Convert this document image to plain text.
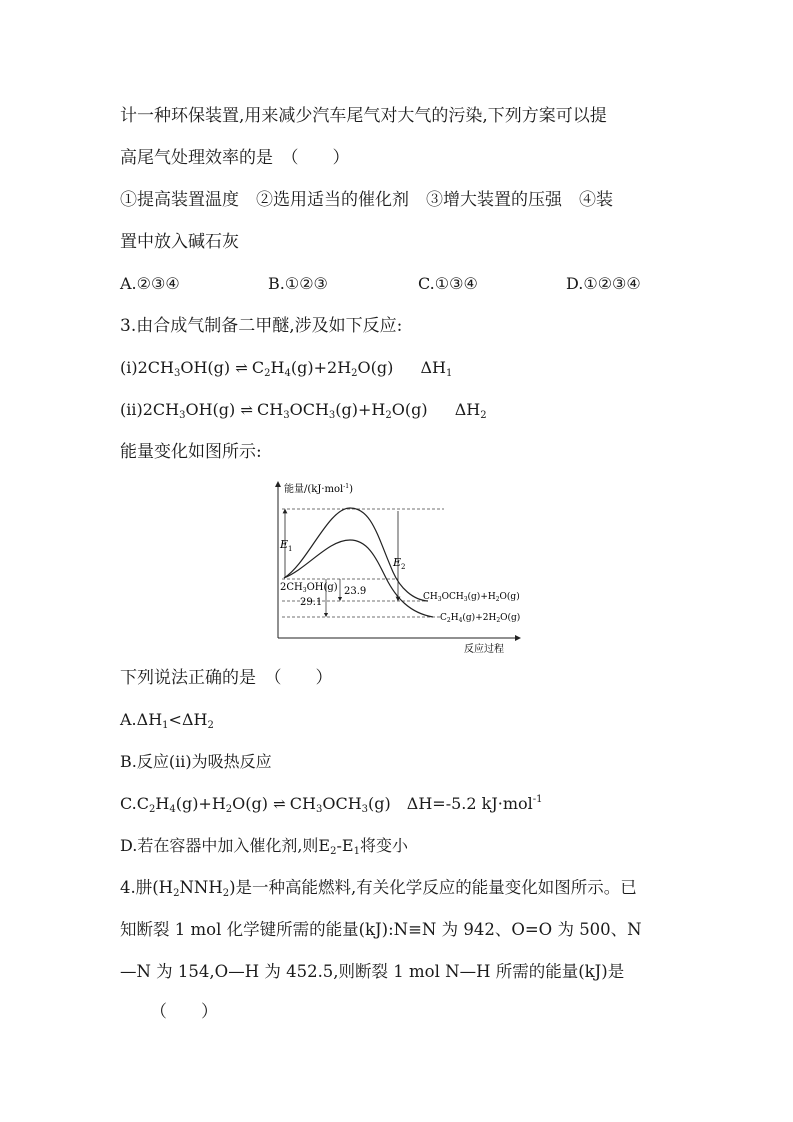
计一种环保装置,用来减少汽车尾气对大气的污染,下列方案可以提
高尾气处理效率的是　（　　）
①提高装置温度　②选用适当的催化剂　③增大装置的压强　④装
置中放入碱石灰
A.②③④	B.①②③	C.①③④	D.①②③④
3.由合成气制备二甲醚,涉及如下反应:
$(ⅰ)2CH_3OH(g)$ ⇌ $C_2H_4(g)+2H_2O(g)$ $\Delta H_1$
$(ⅱ)2CH_3OH(g)$ ⇌ $CH_3OCH_3(g)+H_2O(g)$ $\Delta H_2$
能量变化如图所示:
$E_1$
$E_2$
23.9
29.1
$2CH_3OH(g)$
$CH_3OCH_3(g)+H_2O(g)$
$C_2H_4(g)+2H_2O(g)$
能量/(kJ·mol$^{-1}$)
反应过程
下列说法正确的是　（　　）
$A.\Delta H_1<\Delta H_2$
B.反应(ⅱ)为吸热反应
$C.C_2H_4(g)+H_2O(g)$ ⇌ $CH_3OCH_3(g)$　ΔH=-5.2 kJ·mol$^{-1}$
D.若在容器中加入催化剂,则$E_2-E_1$将变小
4.肼$(H_2NNH_2)$是一种高能燃料,有关化学反应的能量变化如图所示。已
知断裂 1 mol 化学键所需的能量(kJ):N≡N 为 942、O=O 为 500、N
—N 为 154,O—H 为 452.5,则断裂 1 mol N—H 所需的能量(kJ)是
（　　）
